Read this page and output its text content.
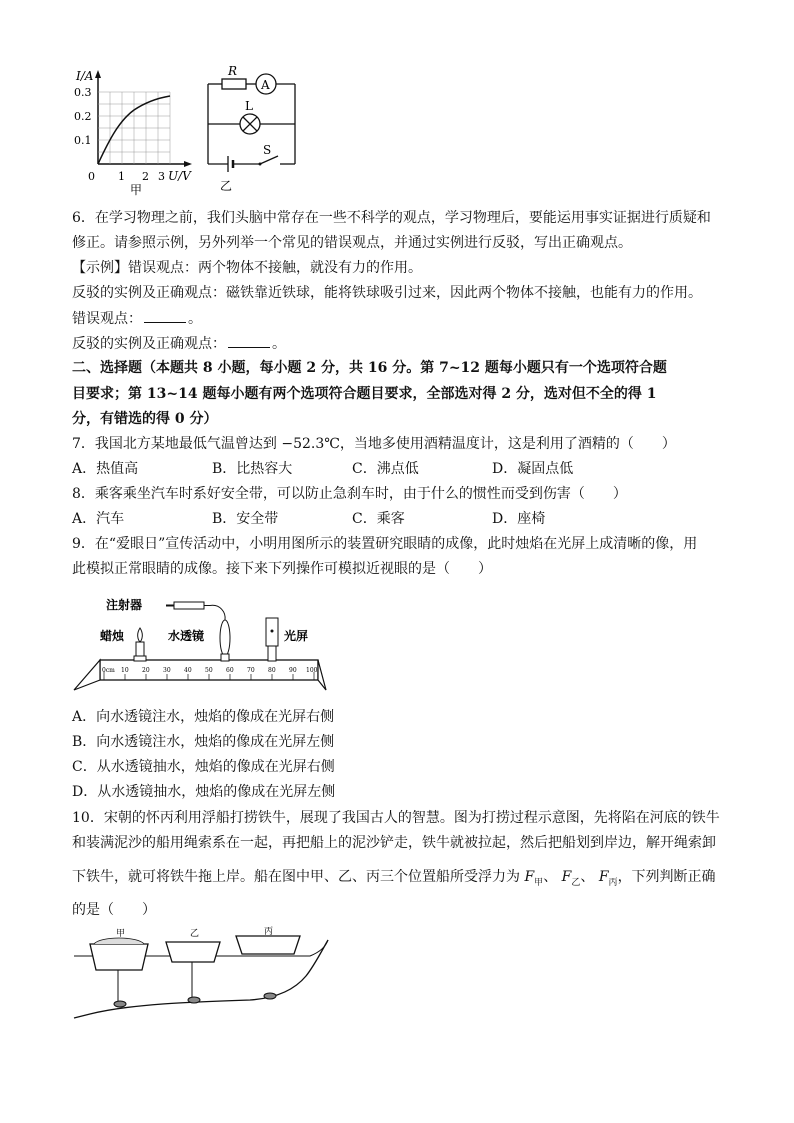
I/A
0.3
0.2
0.1
0 1 2 3 U/V
甲
R
A
L
S
乙
6．在学习物理之前，我们头脑中常存在一些不科学的观点，学习物理后，要能运用事实证据进行质疑和
修正。请参照示例，另外列举一个常见的错误观点，并通过实例进行反驳，写出正确观点。
【示例】错误观点：两个物体不接触，就没有力的作用。
反驳的实例及正确观点：磁铁靠近铁球，能将铁球吸引过来，因此两个物体不接触，也能有力的作用。
错误观点：	。
反驳的实例及正确观点：	。
二、选择题（本题共 8 小题，每小题 2 分，共 16 分。第 7~12 题每小题只有一个选项符合题
目要求；第 13~14 题每小题有两个选项符合题目要求，全部选对得 2 分，选对但不全的得 1
分，有错选的得 0 分）
7．我国北方某地最低气温曾达到 −52.3℃，当地多使用酒精温度计，这是利用了酒精的（　　）
A．热值高	B．比热容大	C．沸点低	D．凝固点低
8．乘客乘坐汽车时系好安全带，可以防止急刹车时，由于什么的惯性而受到伤害（　　）
A．汽车	B．安全带	C．乘客	D．座椅
9．在“爱眼日”宣传活动中，小明用图所示的装置研究眼睛的成像，此时烛焰在光屏上成清晰的像，用
此模拟正常眼睛的成像。接下来下列操作可模拟近视眼的是（　　）
0cm 10 20 30 40 50 60 70 80 90 100
注射器
蜡烛	水透镜	光屏
A．向水透镜注水，烛焰的像成在光屏右侧
B．向水透镜注水，烛焰的像成在光屏左侧
C．从水透镜抽水，烛焰的像成在光屏右侧
D．从水透镜抽水，烛焰的像成在光屏左侧
10．宋朝的怀丙利用浮船打捞铁牛，展现了我国古人的智慧。图为打捞过程示意图，先将陷在河底的铁牛
和装满泥沙的船用绳索系在一起，再把船上的泥沙铲走，铁牛就被拉起，然后把船划到岸边，解开绳索卸
下铁牛，就可将铁牛拖上岸。船在图中甲、乙、丙三个位置船所受浮力为 $F_甲$、 $F_乙$、 $F_丙$，下列判断正确
的是（　　）
甲	乙	丙
